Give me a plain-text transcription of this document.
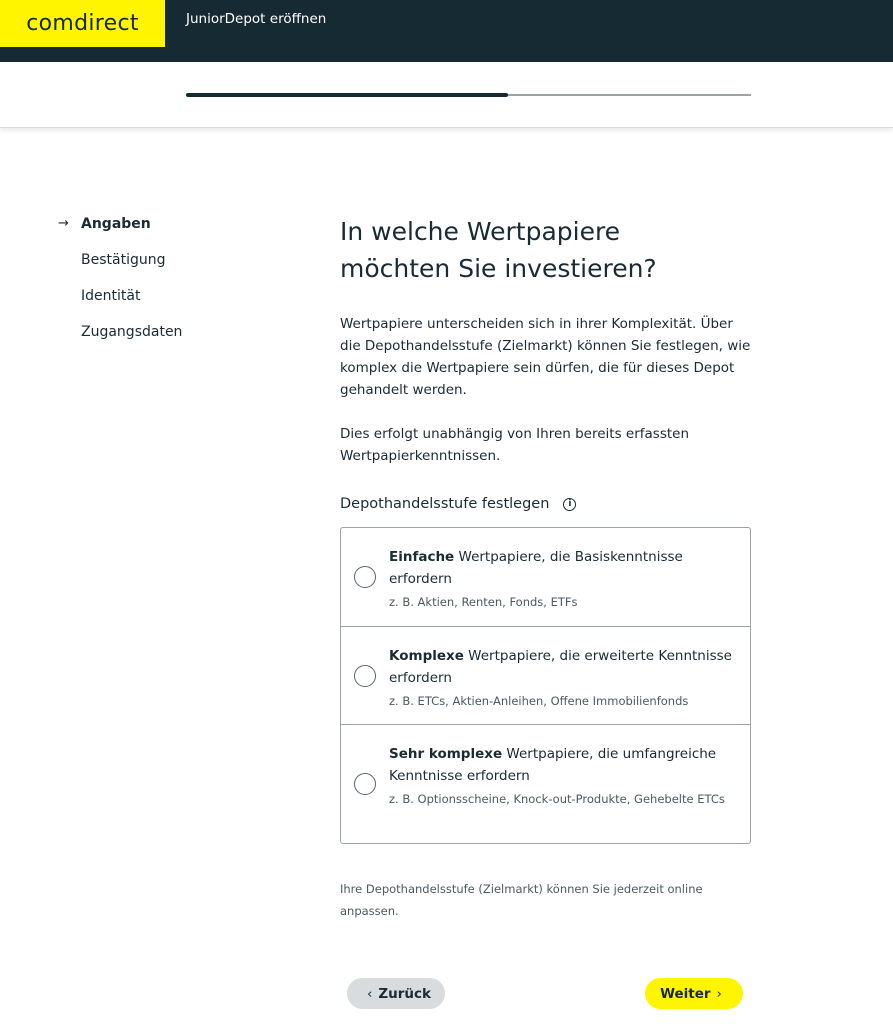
comdirect	JuniorDepot eröffnen
→ Angaben
Bestätigung
Identität
Zugangsdaten
In welche Wertpapiere möchten Sie investieren?

Wertpapiere unterscheiden sich in ihrer Komplexität. Über die Depothandelsstufe (Zielmarkt) können Sie festlegen, wie komplex die Wertpapiere sein dürfen, die für dieses Depot gehandelt werden.

Dies erfolgt unabhängig von Ihren bereits erfassten Wertpapierkenntnissen.

Depothandelsstufe festlegen	i
Einfache Wertpapiere, die Basiskenntnisse erfordern
z. B. Aktien, Renten, Fonds, ETFs
Komplexe Wertpapiere, die erweiterte Kenntnisse erfordern
z. B. ETCs, Aktien-Anleihen, Offene Immobilienfonds
Sehr komplexe Wertpapiere, die umfangreiche Kenntnisse erfordern
z. B. Optionsscheine, Knock-out-Produkte, Gehebelte ETCs

Ihre Depothandelsstufe (Zielmarkt) können Sie jederzeit online anpassen.

‹ Zurück	Weiter ›
